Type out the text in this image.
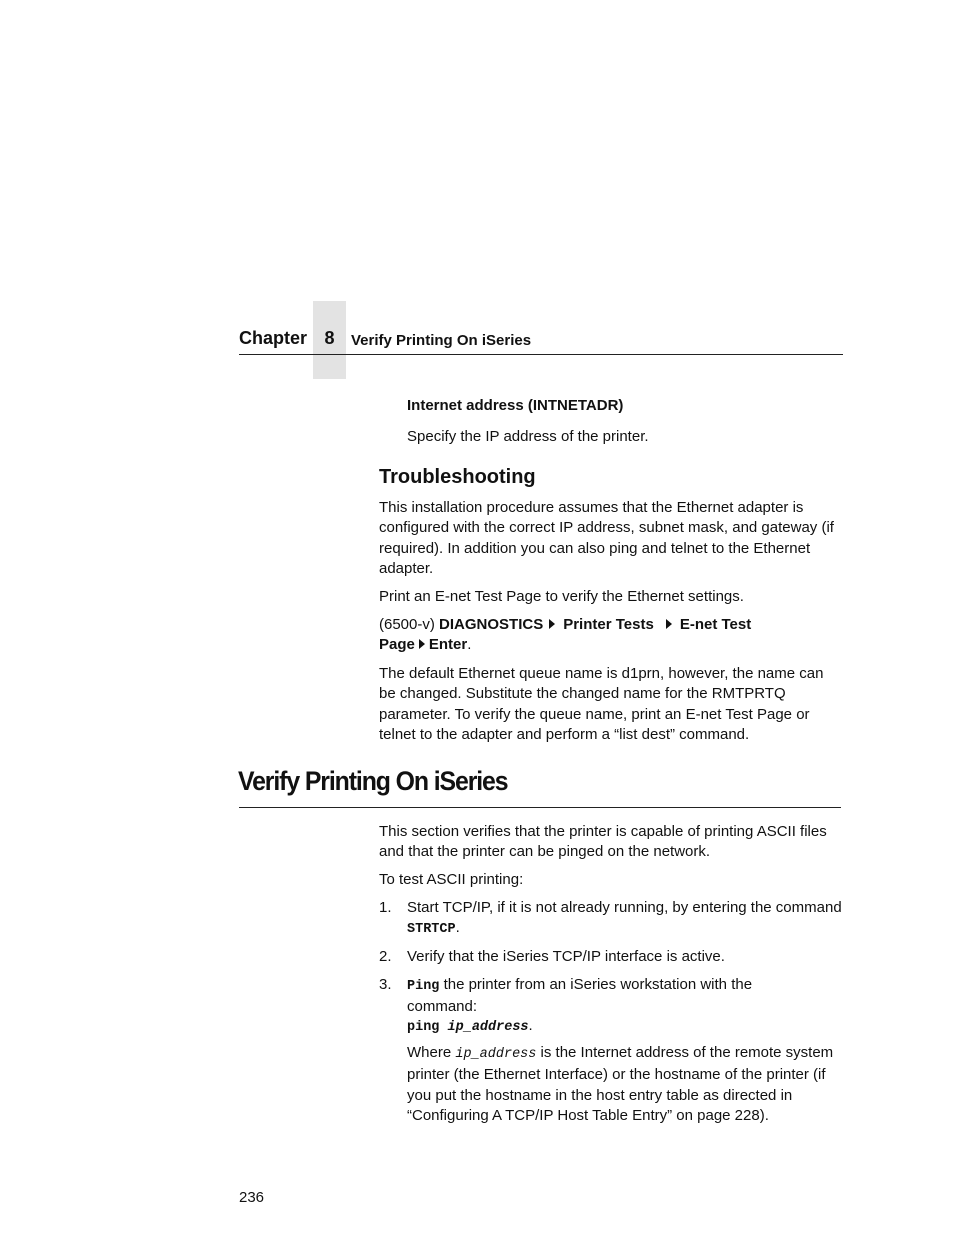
Chapter 8	Verify Printing On iSeries
Internet address (INTNETADR)
Specify the IP address of the printer.
Troubleshooting
This installation procedure assumes that the Ethernet adapter is configured with the correct IP address, subnet mask, and gateway (if required). In addition you can also ping and telnet to the Ethernet adapter.
Print an E-net Test Page to verify the Ethernet settings.
(6500-v) DIAGNOSTICS Printer Tests E-net Test
Page Enter.
The default Ethernet queue name is d1prn, however, the name can be changed. Substitute the changed name for the RMTPRTQ parameter. To verify the queue name, print an E-net Test Page or telnet to the adapter and perform a “list dest” command.
Verify Printing On iSeries
This section verifies that the printer is capable of printing ASCII files and that the printer can be pinged on the network.
To test ASCII printing:
1. Start TCP/IP, if it is not already running, by entering the command STRTCP.
2. Verify that the iSeries TCP/IP interface is active.
3. Ping the printer from an iSeries workstation with the command:
ping ip_address.
Where ip_address is the Internet address of the remote system printer (the Ethernet Interface) or the hostname of the printer (if you put the hostname in the host entry table as directed in “Configuring A TCP/IP Host Table Entry” on page 228).
236
